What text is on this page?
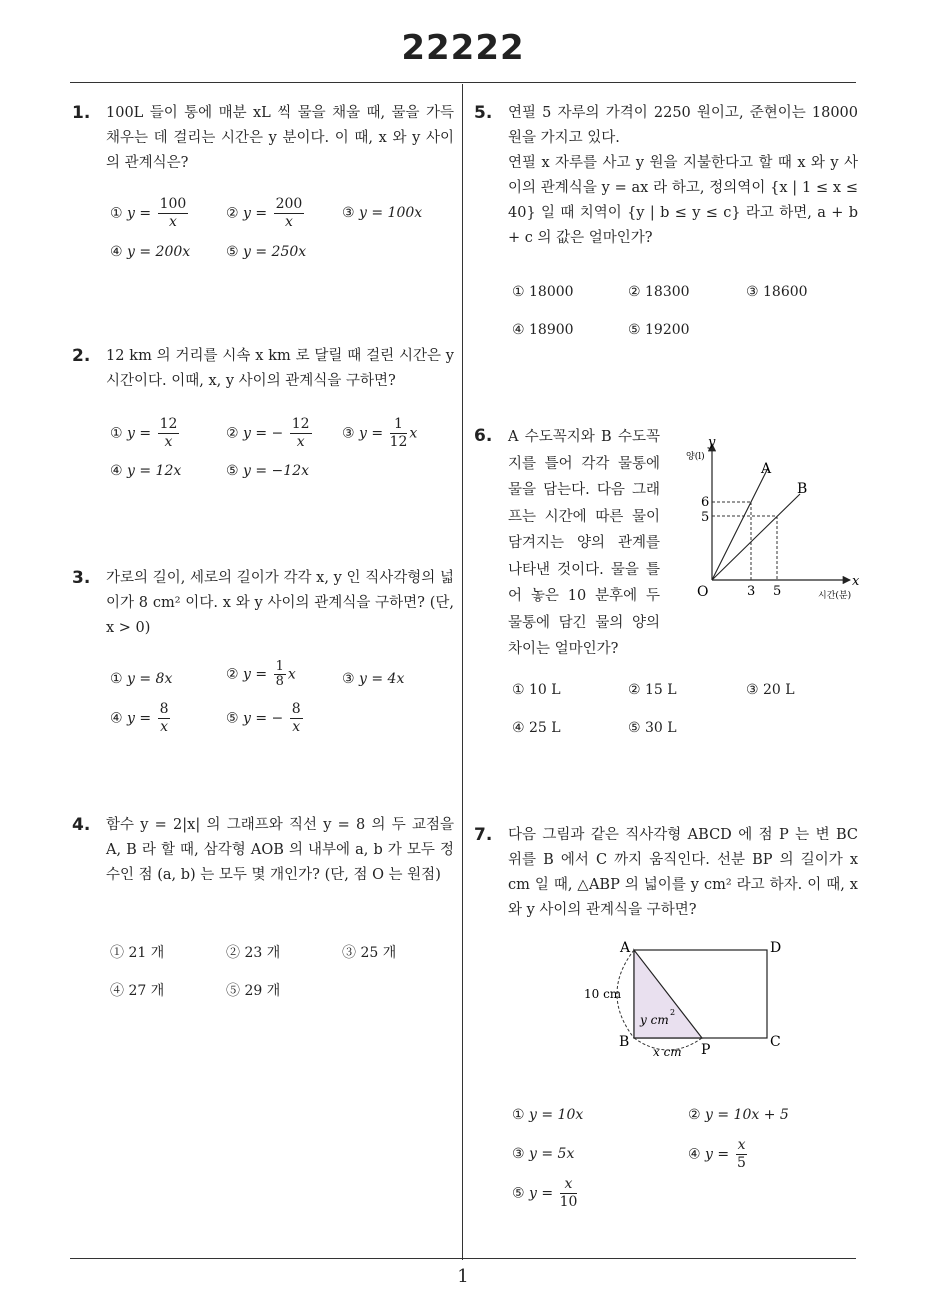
22222
1. 100L 들이 통에 매분 xL 씩 물을 채울 때, 물을 가득 채우는 데 걸리는 시간은 y 분이다. 이 때, x 와 y 사이의 관계식은?
① $y = \frac{100}{x}$	② $y = \frac{200}{x}$	③ y = 100x
④ y = 200x	⑤ y = 250x
2. 12 km 의 거리를 시속 x km 로 달릴 때 걸린 시간은 y 시간이다. 이때, x, y 사이의 관계식을 구하면?
① $y = \frac{12}{x}$	② y = − $\frac{12}{x}$ ③ $y = \frac{1}{12}$ x
④ y = 12x	⑤ y = −12x
3. 가로의 길이, 세로의 길이가 각각 x, y 인 직사각형의 넓이가 8 cm² 이다. x 와 y 사이의 관계식을 구하면? (단, x > 0)
① y = 8x	② $y = \frac{1}{8}$ x	③ y = 4x
④ $y = \frac{8}{x}$	⑤ y = − $\frac{8}{x}$
4. 함수 y = 2|x| 의 그래프와 직선 y = 8 의 두 교점을 A, B 라 할 때, 삼각형 AOB 의 내부에 a, b 가 모두 정수인 점 (a, b) 는 모두 몇 개인가? (단, 점 O 는 원점)
① 21 개	② 23 개	③ 25 개
④ 27 개	⑤ 29 개
5. 연필 5 자루의 가격이 2250 원이고, 준현이는 18000 원을 가지고 있다.
연필 x 자루를 사고 y 원을 지불한다고 할 때 x 와 y 사이의 관계식을 y = ax 라 하고, 정의역이 {x | 1 ≤ x ≤ 40} 일 때 치역이 {y | b ≤ y ≤ c} 라고 하면, a + b + c 의 값은 얼마인가?
① 18000	② 18300	③ 18600
④ 18900	⑤ 19200
6. A 수도꼭지와 B 수도꼭지를 틀어 각각 물통에 물을 담는다. 다음 그래프는 시간에 따른 물이 담겨지는 양의 관계를 나타낸 것이다. 물을 틀어 놓은 10 분후에 두 물통에 담긴 물의 양의 차이는 얼마인가?
y
양(l)
x
시간(분)
O
A
B
6
5
3 5
① 10 L	② 15 L	③ 20 L
④ 25 L	⑤ 30 L
7. 다음 그림과 같은 직사각형 ABCD 에 점 P 는 변 BC 위를 B 에서 C 까지 움직인다. 선분 BP 의 길이가 x cm 일 때, △ABP 의 넓이를 y cm² 라고 하자. 이 때, x 와 y 사이의 관계식을 구하면?
A	D
B	C
P
10 cm
y cm
2
x cm
① y = 10x	② y = 10x + 5
③ y = 5x	④ $y = \frac{x}{5}$
⑤ $y = \frac{x}{10}$
1
